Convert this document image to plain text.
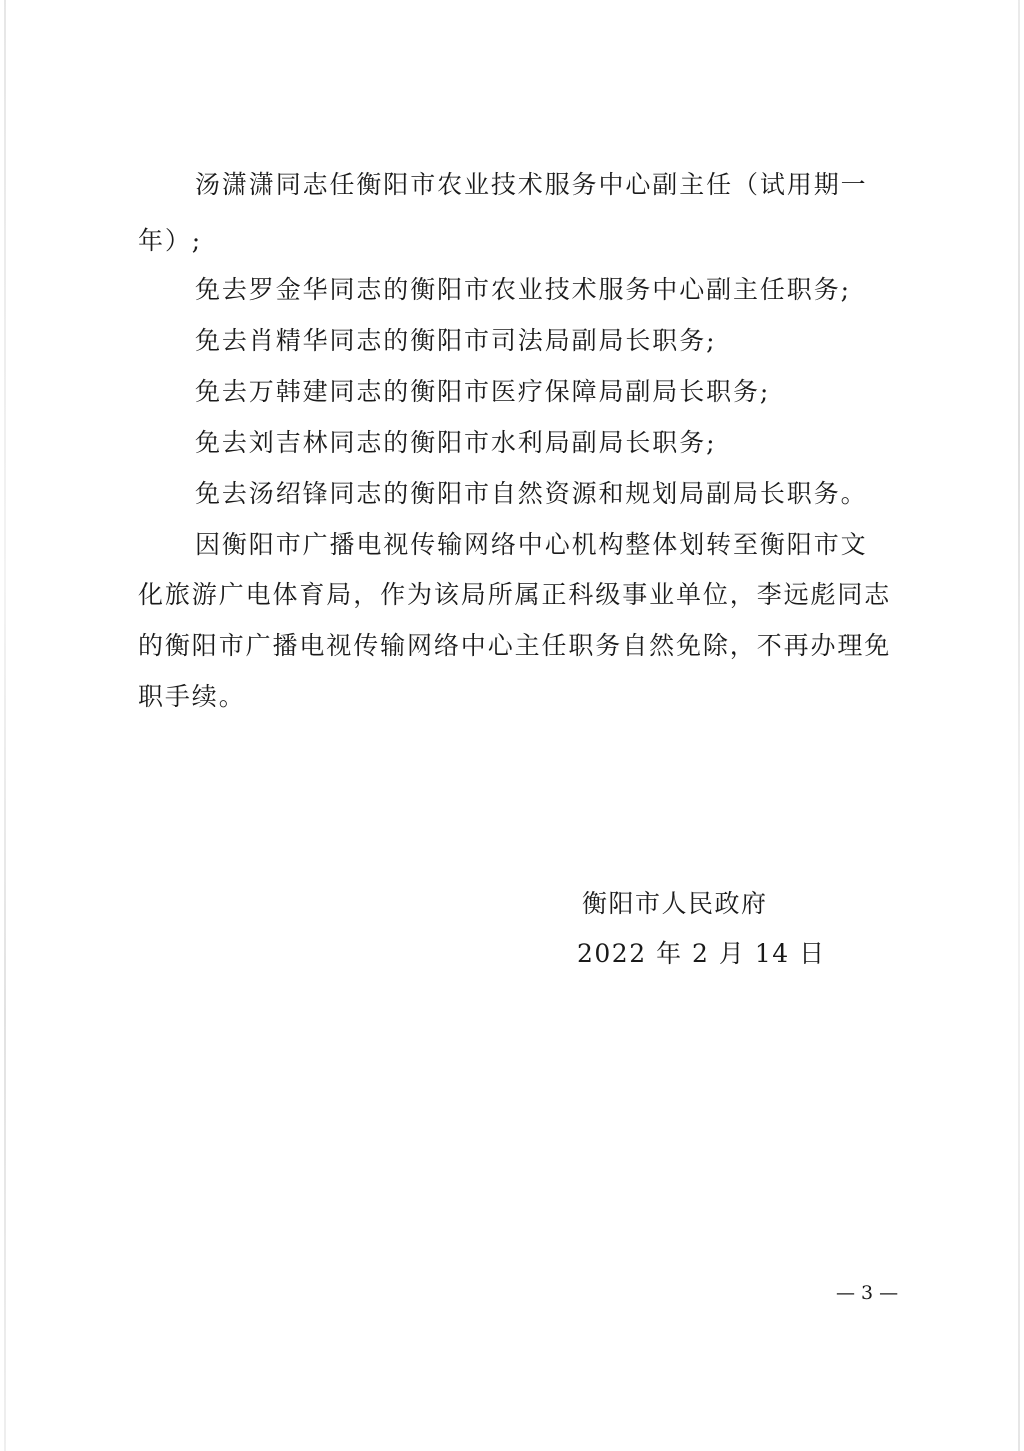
汤潇潇同志任衡阳市农业技术服务中心副主任（试用期一
年）;
免去罗金华同志的衡阳市农业技术服务中心副主任职务;
免去肖精华同志的衡阳市司法局副局长职务;
免去万韩建同志的衡阳市医疗保障局副局长职务;
免去刘吉林同志的衡阳市水利局副局长职务;
免去汤绍锋同志的衡阳市自然资源和规划局副局长职务。
因衡阳市广播电视传输网络中心机构整体划转至衡阳市文
化旅游广电体育局，作为该局所属正科级事业单位，李远彪同志
的衡阳市广播电视传输网络中心主任职务自然免除，不再办理免
职手续。
衡阳市人民政府
2022 年 2 月 14 日
— 3 —
